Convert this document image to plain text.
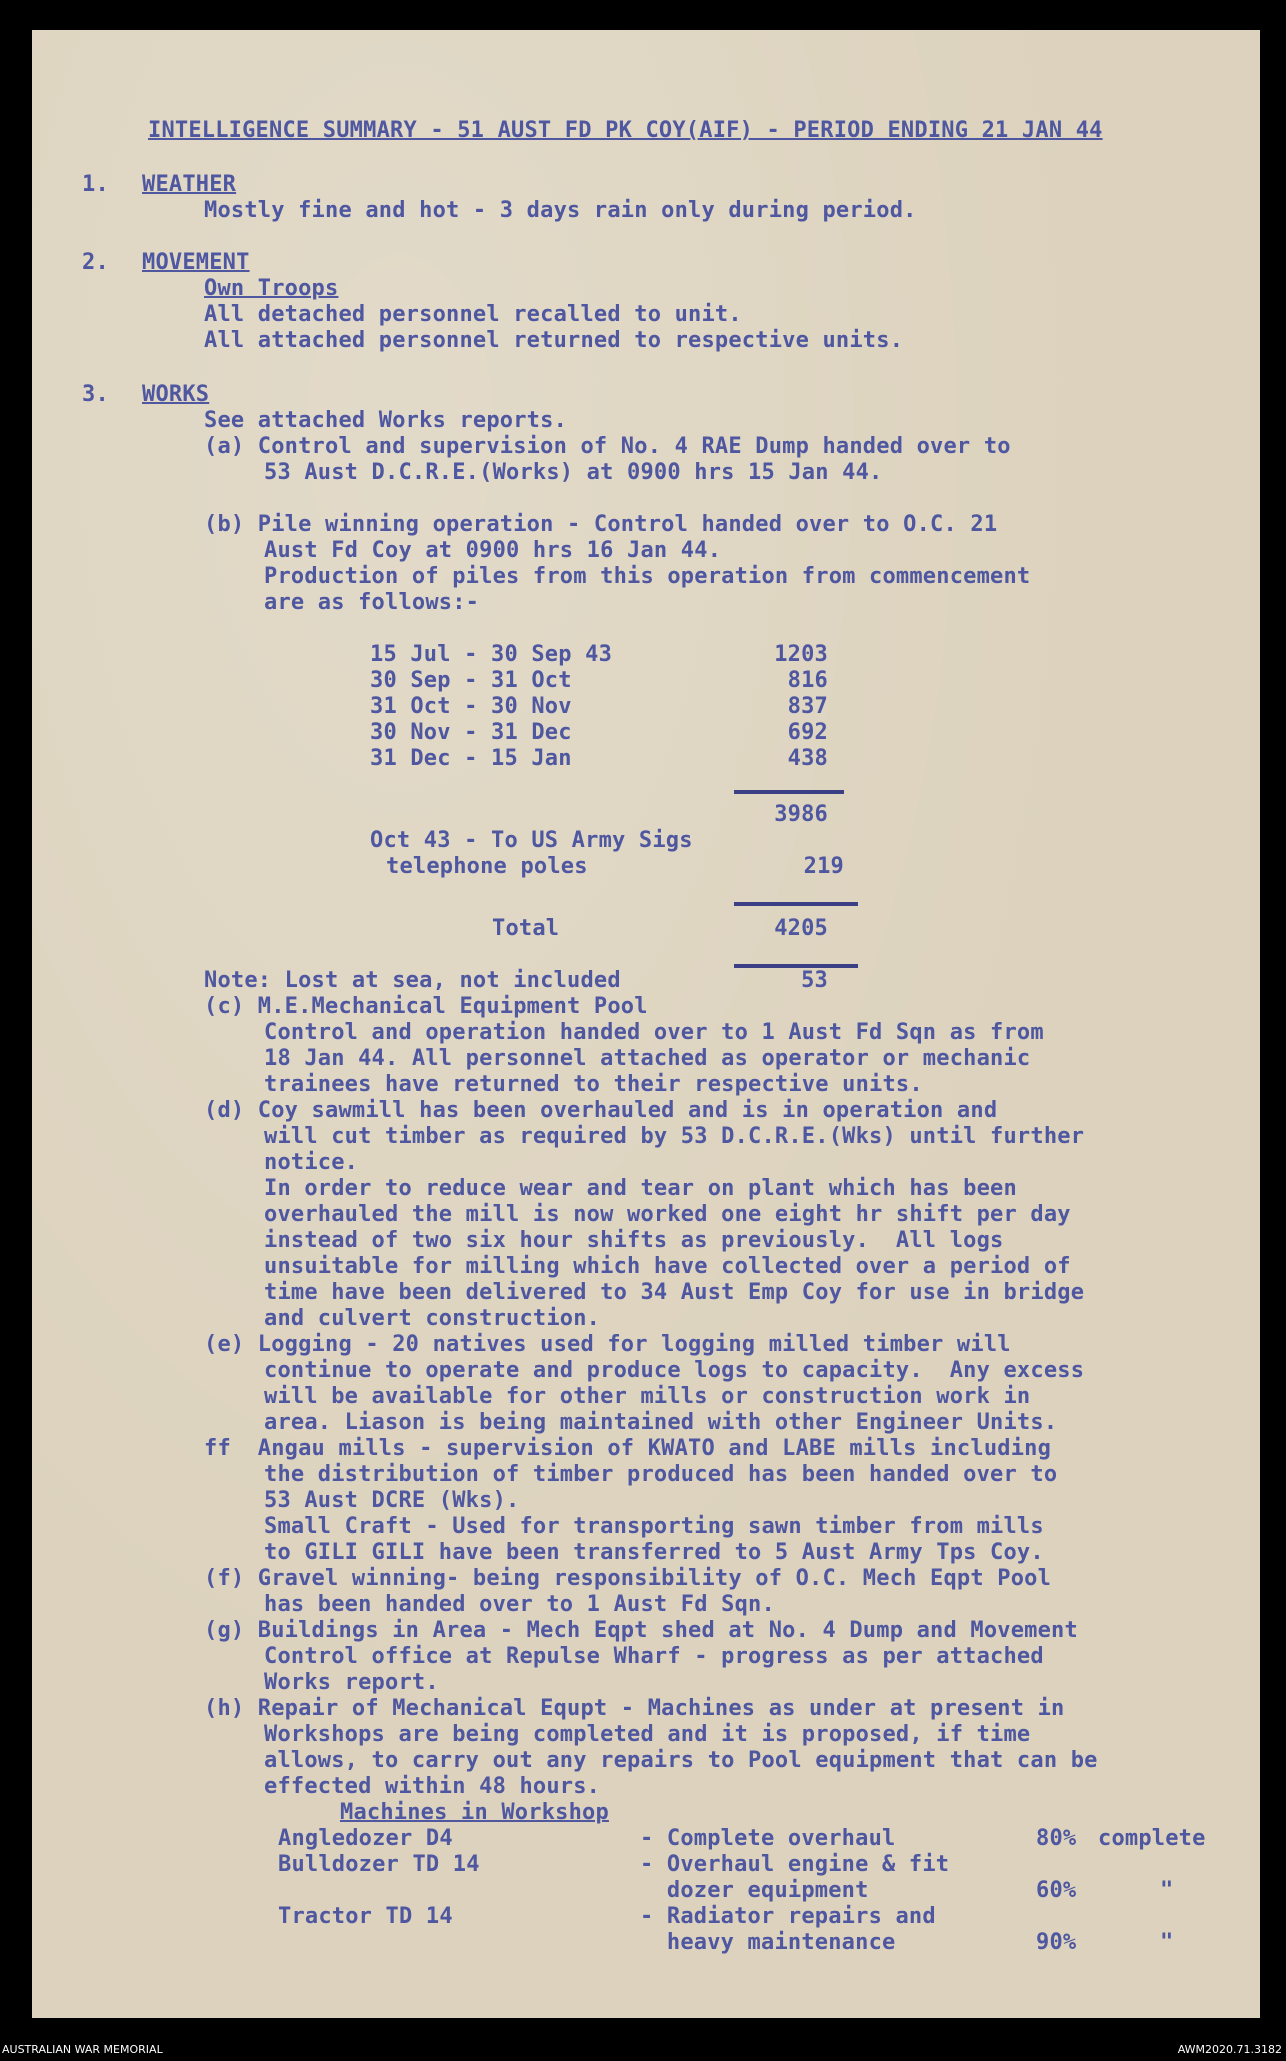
INTELLIGENCE SUMMARY - 51 AUST FD PK COY(AIF) - PERIOD ENDING 21 JAN 44
1. WEATHER
Mostly fine and hot - 3 days rain only during period.
2. MOVEMENT
Own Troops
All detached personnel recalled to unit.
All attached personnel returned to respective units.
3. WORKS
See attached Works reports.
(a) Control and supervision of No. 4 RAE Dump handed over to
53 Aust D.C.R.E.(Works) at 0900 hrs 15 Jan 44.
(b) Pile winning operation - Control handed over to O.C. 21
Aust Fd Coy at 0900 hrs 16 Jan 44.
Production of piles from this operation from commencement
are as follows:-
15 Jul - 30 Sep 43	1203
30 Sep - 31 Oct	816
31 Oct - 30 Nov	837
30 Nov - 31 Dec	692
31 Dec - 15 Jan	438
3986
Oct 43 - To US Army Sigs
telephone poles	219
Total	4205
Note: Lost at sea, not included	53
(c) M.E.Mechanical Equipment Pool
Control and operation handed over to 1 Aust Fd Sqn as from
18 Jan 44. All personnel attached as operator or mechanic
trainees have returned to their respective units.
(d) Coy sawmill has been overhauled and is in operation and
will cut timber as required by 53 D.C.R.E.(Wks) until further
notice.
In order to reduce wear and tear on plant which has been
overhauled the mill is now worked one eight hr shift per day
instead of two six hour shifts as previously.  All logs
unsuitable for milling which have collected over a period of
time have been delivered to 34 Aust Emp Coy for use in bridge
and culvert construction.
(e) Logging - 20 natives used for logging milled timber will
continue to operate and produce logs to capacity.  Any excess
will be available for other mills or construction work in
area. Liason is being maintained with other Engineer Units.
ff  Angau mills - supervision of KWATO and LABE mills including
the distribution of timber produced has been handed over to
53 Aust DCRE (Wks).
Small Craft - Used for transporting sawn timber from mills
to GILI GILI have been transferred to 5 Aust Army Tps Coy.
(f) Gravel winning- being responsibility of O.C. Mech Eqpt Pool
has been handed over to 1 Aust Fd Sqn.
(g) Buildings in Area - Mech Eqpt shed at No. 4 Dump and Movement
Control office at Repulse Wharf - progress as per attached
Works report.
(h) Repair of Mechanical Equpt - Machines as under at present in
Workshops are being completed and it is proposed, if time
allows, to carry out any repairs to Pool equipment that can be
effected within 48 hours.
Machines in Workshop
Angledozer D4	- Complete overhaul	80% complete
Bulldozer TD 14	- Overhaul engine & fit
dozer equipment	60%	"
Tractor TD 14	- Radiator repairs and
heavy maintenance	90%	"
AUSTRALIAN WAR MEMORIAL	AWM2020.71.3182
